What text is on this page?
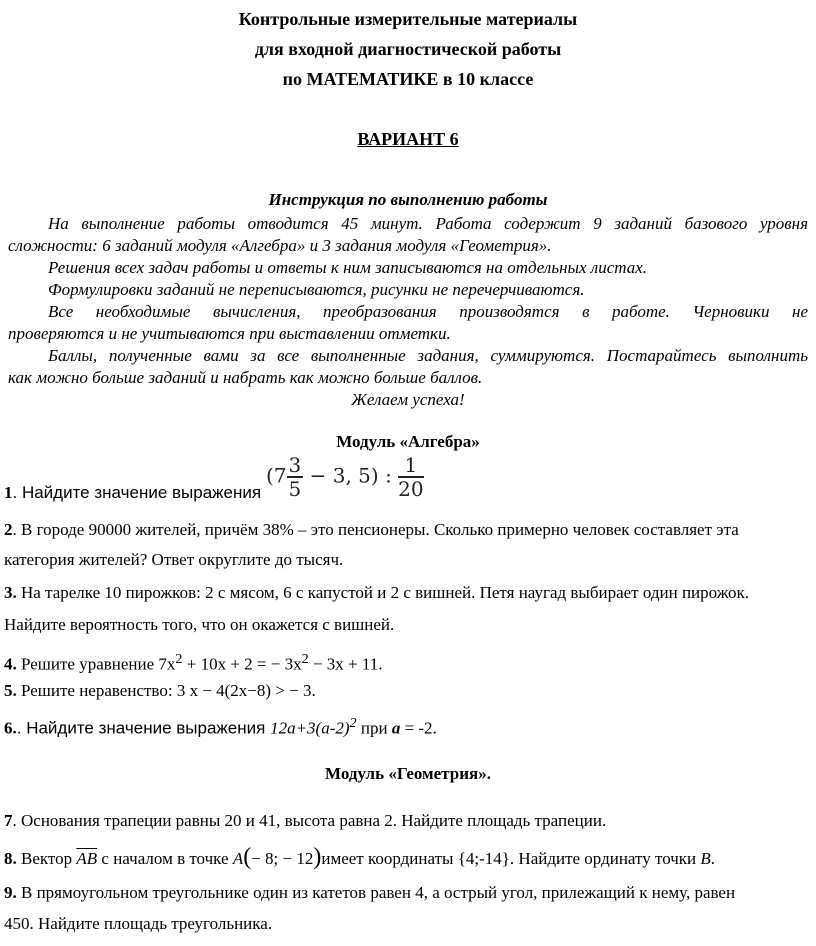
Контрольные измерительные материалы
для входной диагностической работы
по МАТЕМАТИКЕ в 10 классе
ВАРИАНТ 6
Инструкция по выполнению работы

На выполнение работы отводится 45 минут. Работа содержит 9 заданий базового уровня

сложности: 6 заданий модуля «Алгебра» и 3 задания модуля «Геометрия».

Решения всех задач работы и ответы к ним записываются на отдельных листах.

Формулировки заданий не переписываются, рисунки не перечерчиваются.

Все необходимые вычисления, преобразования производятся в работе. Черновики не

проверяются и не учитываются при выставлении отметки.

Баллы, полученные вами за все выполненные задания, суммируются. Постарайтесь выполнить

как можно больше заданий и набрать как можно больше баллов.

Желаем успеха!

Модуль «Алгебра»
1. Найдите значение выражения
($7 \frac{3}{5} - 3$, 5) : $\frac{1}{20}$
2. В городе 90000 жителей, причём 38% – это пенсионеры. Сколько примерно человек составляет эта
категория жителей? Ответ округлите до тысяч.
3. На тарелке 10 пирожков: 2 с мясом, 6 с капустой и 2 с вишней. Петя наугад выбирает один пирожок.
Найдите вероятность того, что он окажется с вишней.
4. Решите уравнение $7x^2 + 10x + 2$ = − $3x^2 - 3x + 11$.
5. Решите неравенство: 3 x − 4(2x−8) > − 3.
6.. Найдите значение выражения $12a+3(a-2)^2$ при a = -2.
Модуль «Геометрия».
7. Основания трапеции равны 20 и 41, высота равна 2. Найдите площадь трапеции.
8. Вектор $\overline{AB}$ с началом в точке A(− 8; − 12)имеет координаты {4;-14}. Найдите ординату точки B.
9. В прямоугольном треугольнике один из катетов равен 4, а острый угол, прилежащий к нему, равен
450. Найдите площадь треугольника.
